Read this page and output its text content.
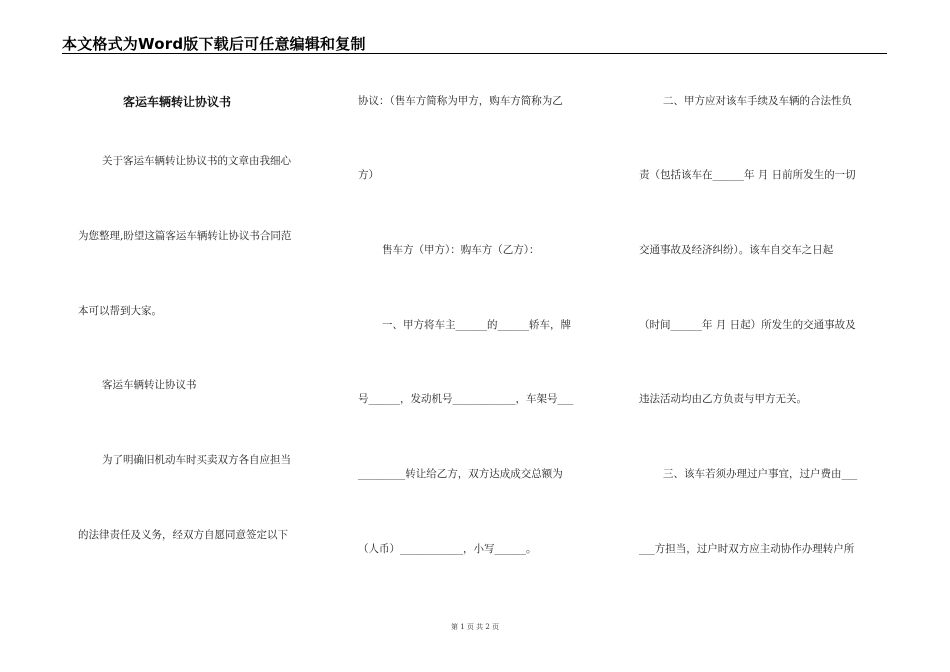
本文格式为Word版下载后可任意编辑和复制
客运车辆转让协议书
关于客运车辆转让协议书的文章由我细心
为您整理,盼望这篇客运车辆转让协议书合同范
本可以帮到大家。
客运车辆转让协议书
为了明确旧机动车时买卖双方各自应担当
的法律责任及义务，经双方自愿同意签定以下
协议：（售车方简称为甲方，购车方简称为乙
方）
售车方（甲方）：购车方（乙方）：
一、甲方将车主______的______轿车，牌
号______，发动机号____________，车架号___
_________转让给乙方，双方达成成交总额为
（人币）____________，小写______。
二、甲方应对该车手续及车辆的合法性负
责（包括该车在______年 月 日前所发生的一切
交通事故及经济纠纷）。该车自交车之日起
（时间______年 月 日起）所发生的交通事故及
违法活动均由乙方负责与甲方无关。
三、该车若须办理过户事宜，过户费由___
___方担当，过户时双方应主动协作办理转户所
第 1 页 共 2 页
